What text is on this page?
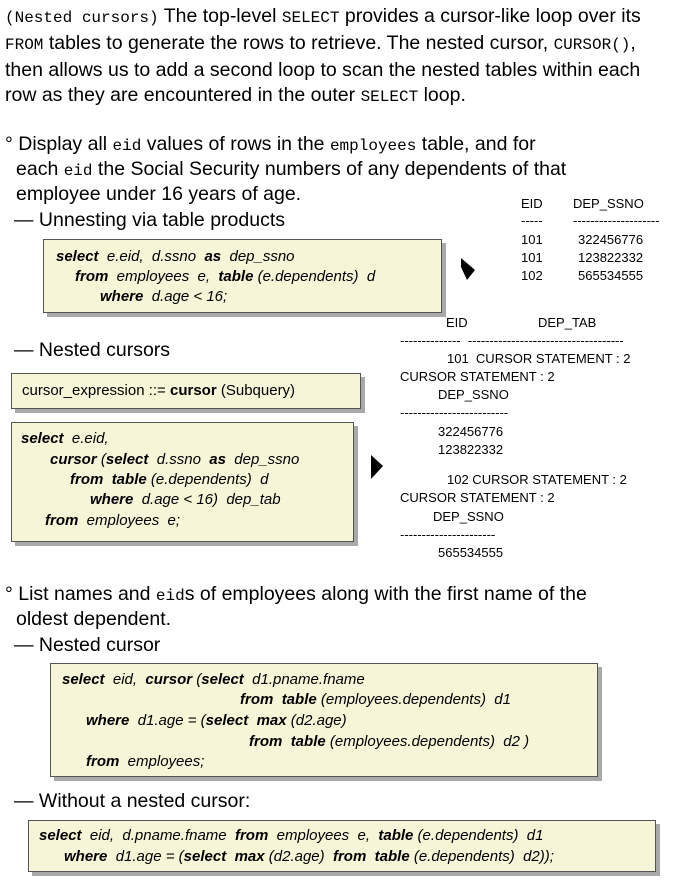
(Nested cursors) The top-level SELECT provides a cursor-like loop over its FROM tables to generate the rows to retrieve. The nested cursor, CURSOR(), then allows us to add a second loop to scan the nested tables within each row as they are encountered in the outer SELECT loop.
° Display all eid values of rows in the employees table, and for
each eid the Social Security numbers of any dependents of that
employee under 16 years of age.
— Unnesting via table products
select  e.eid,  d.ssno  as  dep_ssno
from  employees  e,  table (e.dependents)  d
where  d.age < 16;
EID DEP_SSNO
----- --------------------
101	322456776
101	123822332
102	565534555
— Nested cursors
cursor_expression ::= cursor (Subquery)
select  e.eid,
cursor (select  d.ssno  as  dep_ssno
from table (e.dependents)  d
where  d.age < 16)  dep_tab
from  employees  e;
EID	DEP_TAB
--------------  ------------------------------------
101  CURSOR STATEMENT : 2
CURSOR STATEMENT : 2
DEP_SSNO
-------------------------
322456776
123822332
102 CURSOR STATEMENT : 2
CURSOR STATEMENT : 2
DEP_SSNO
----------------------
565534555
° List names and eids of employees along with the first name of the
oldest dependent.
— Nested cursor
select  eid,  cursor (select  d1.pname.fname
from table (employees.dependents)  d1
where  d1.age = (select max (d2.age)
from table (employees.dependents)  d2 )
from  employees;
— Without a nested cursor:
select  eid,  d.pname.fname  from  employees  e,  table (e.dependents)  d1
where  d1.age = (select max (d2.age)  from table (e.dependents)  d2));
